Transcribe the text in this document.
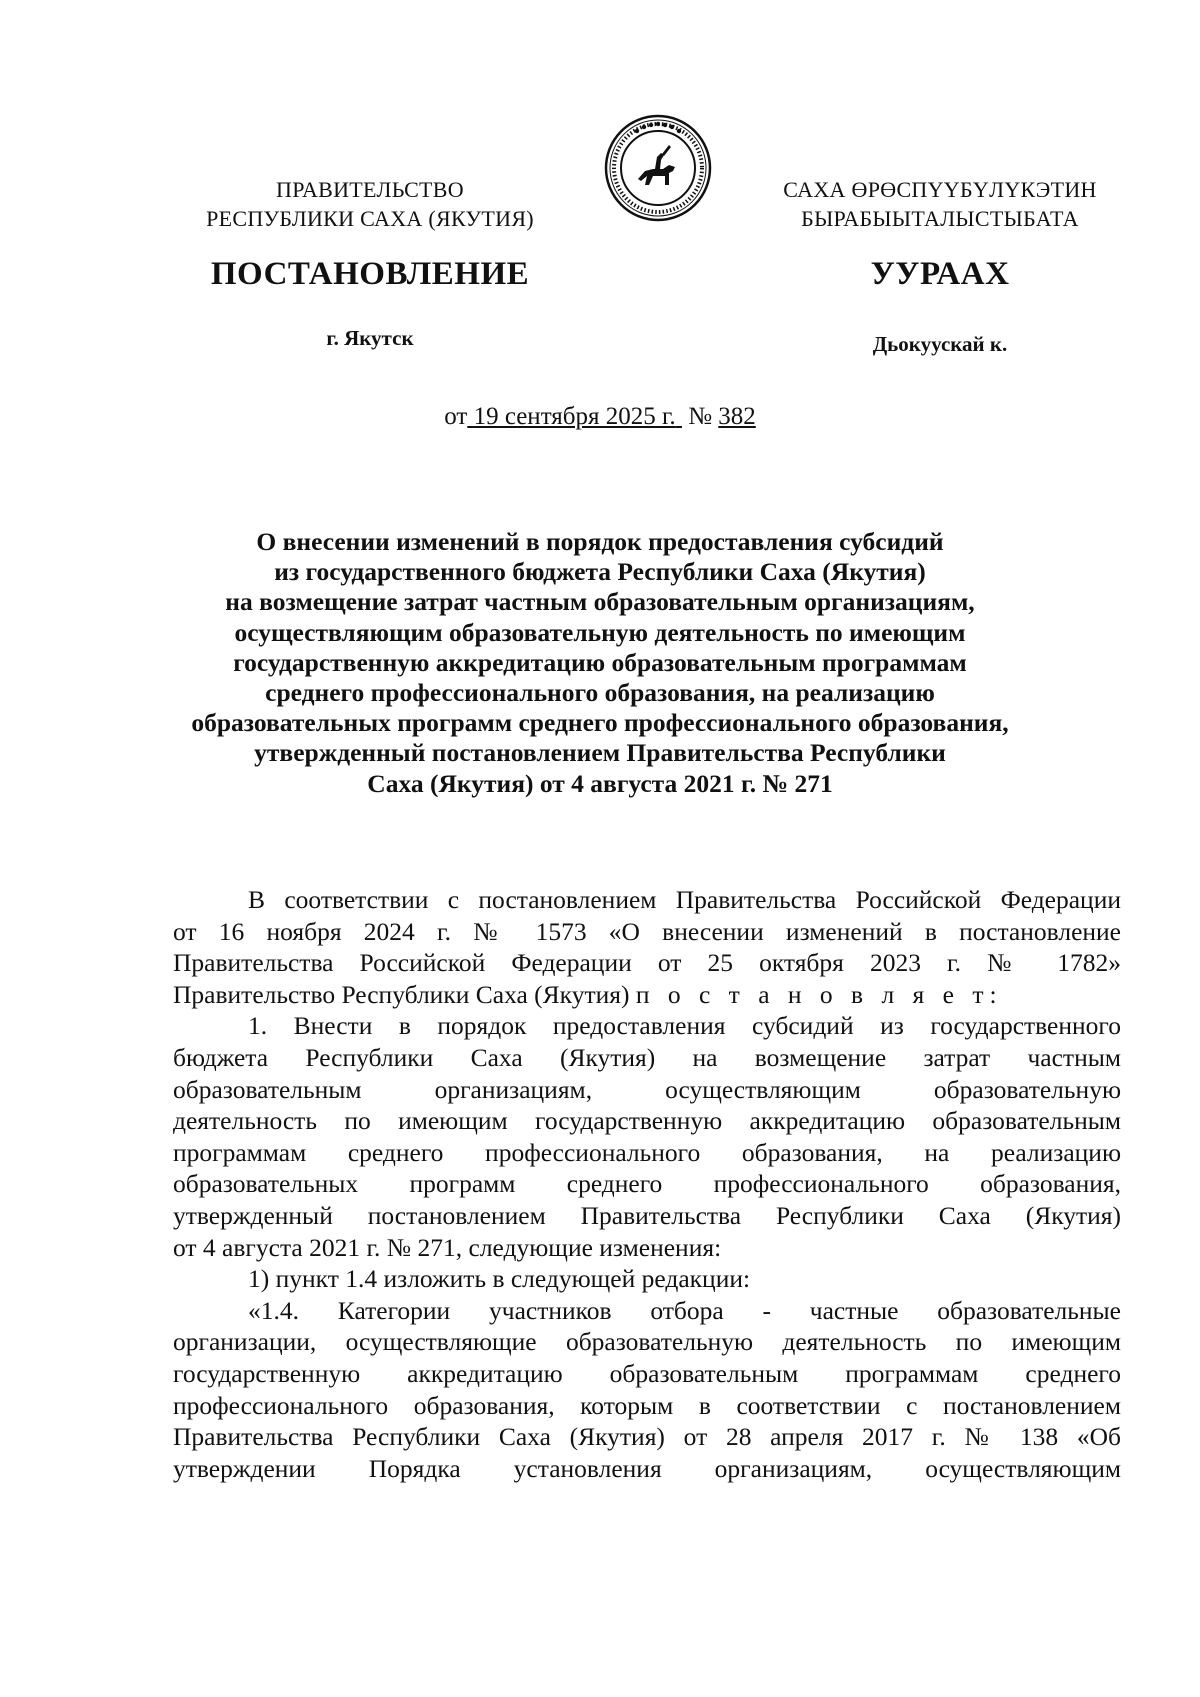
ПРАВИТЕЛЬСТВО
РЕСПУБЛИКИ САХА (ЯКУТИЯ)
САХА ӨРӨСПҮҮБҮЛҮКЭТИН
БЫРАБЫЫТАЛЫСТЫБАТА
ПОСТАНОВЛЕНИЕ	УУРААХ
г. Якутск	Дьокуускай к.
от 19 сентября 2025 г. № 382
О внесении изменений в порядок предоставления субсидий
из государственного бюджета Республики Саха (Якутия)
на возмещение затрат частным образовательным организациям,
осуществляющим образовательную деятельность по имеющим
государственную аккредитацию образовательным программам
среднего профессионального образования, на реализацию
образовательных программ среднего профессионального образования,
утвержденный постановлением Правительства Республики
Саха (Якутия) от 4 августа 2021 г. № 271
В соответствии с постановлением Правительства Российской Федерации
от 16 ноября 2024 г. № 1573 «О внесении изменений в постановление
Правительства Российской Федерации от 25 октября 2023 г. № 1782»
Правительство Республики Саха (Якутия) п о с т а н о в л я е т:
1. Внести в порядок предоставления субсидий из государственного
бюджета Республики Саха (Якутия) на возмещение затрат частным
образовательным организациям, осуществляющим образовательную
деятельность по имеющим государственную аккредитацию образовательным
программам среднего профессионального образования, на реализацию
образовательных программ среднего профессионального образования,
утвержденный постановлением Правительства Республики Саха (Якутия)
от 4 августа 2021 г. № 271, следующие изменения:
1) пункт 1.4 изложить в следующей редакции:
«1.4. Категории участников отбора - частные образовательные
организации, осуществляющие образовательную деятельность по имеющим
государственную аккредитацию образовательным программам среднего
профессионального образования, которым в соответствии с постановлением
Правительства Республики Саха (Якутия) от 28 апреля 2017 г. № 138 «Об
утверждении Порядка установления организациям, осуществляющим
